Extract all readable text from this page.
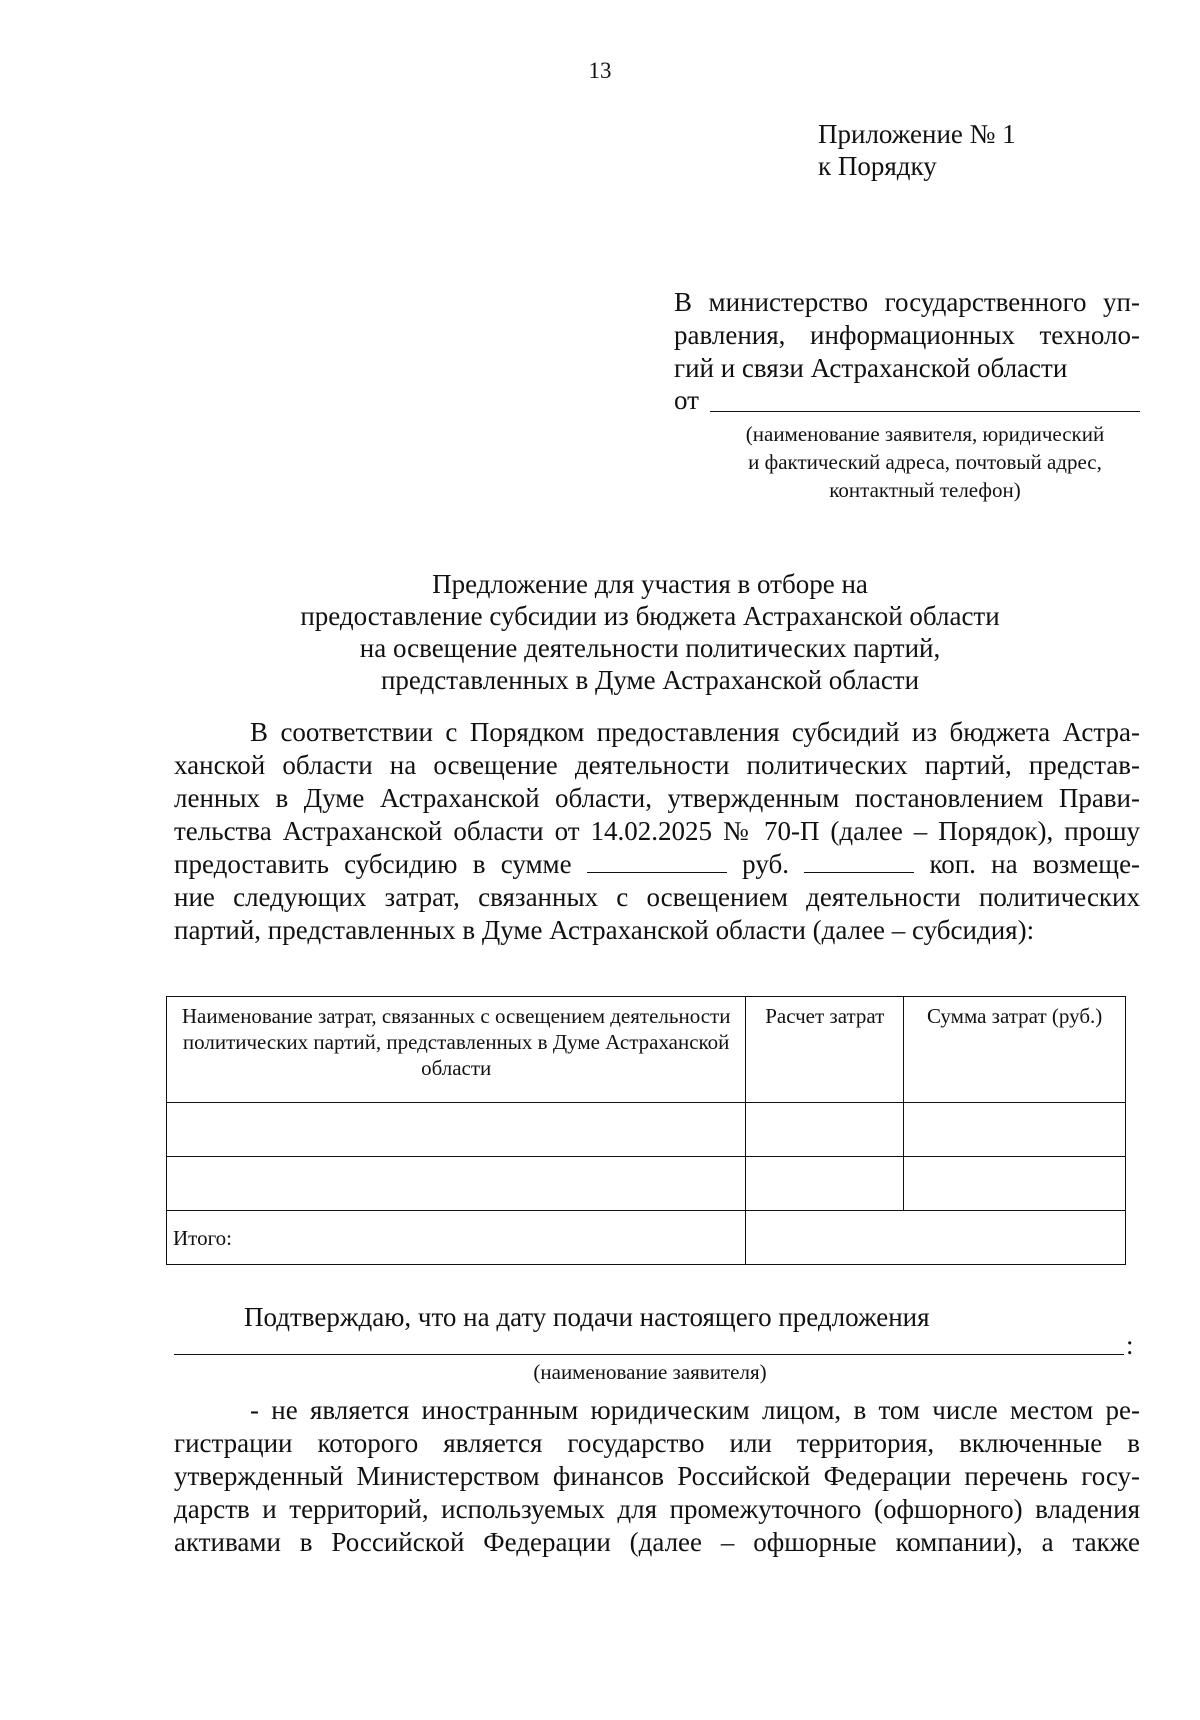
13
Приложение № 1
к Порядку
В министерство государственного уп-
равления, информационных техноло-
гий и связи Астраханской области
от
(наименование заявителя, юридический
и фактический адреса, почтовый адрес,
контактный телефон)
Предложение для участия в отборе на
предоставление субсидии из бюджета Астраханской области
на освещение деятельности политических партий,
представленных в Думе Астраханской области
В соответствии с Порядком предоставления субсидий из бюджета Астра-
ханской области на освещение деятельности политических партий, представ-
ленных в Думе Астраханской области, утвержденным постановлением Прави-
тельства Астраханской области от 14.02.2025 № 70-П (далее – Порядок), прошу
предоставить субсидию в сумме	руб.	коп. на возмеще-
ние следующих затрат, связанных с освещением деятельности политических
партий, представленных в Думе Астраханской области (далее – субсидия):
Наименование затрат, связанных с освещением деятельности политических партий, представленных в Думе Астраханской области	Расчет затрат	Сумма затрат (руб.)

Итого:		
Подтверждаю, что на дату подачи настоящего предложения
:
(наименование заявителя)
- не является иностранным юридическим лицом, в том числе местом ре-
гистрации которого является государство или территория, включенные в
утвержденный Министерством финансов Российской Федерации перечень госу-
дарств и территорий, используемых для промежуточного (офшорного) владения
активами в Российской Федерации (далее – офшорные компании), а также
